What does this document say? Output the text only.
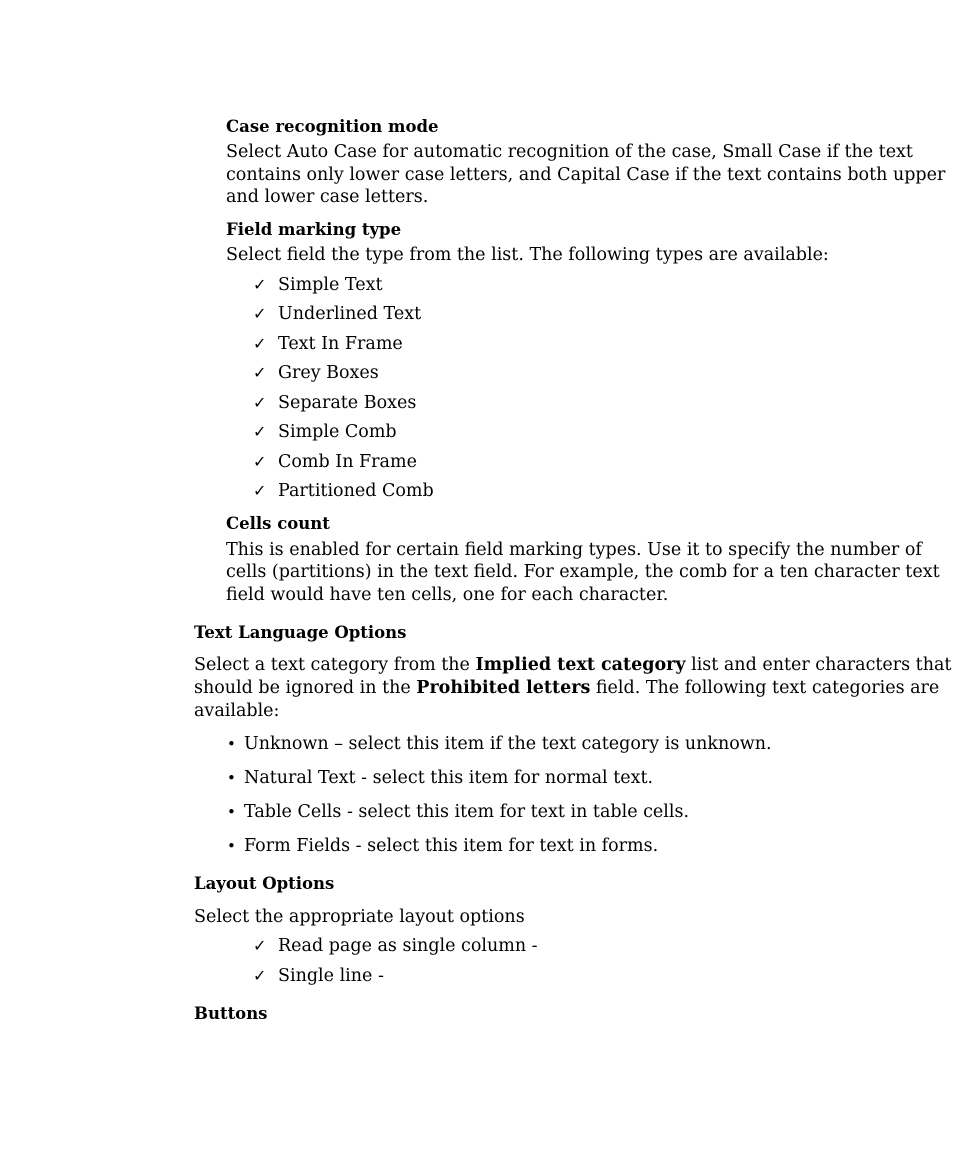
Case recognition mode
Select Auto Case for automatic recognition of the case, Small Case if the text
contains only lower case letters, and Capital Case if the text contains both upper
and lower case letters.
Field marking type
Select field the type from the list. The following types are available:
✓ Simple Text
✓ Underlined Text
✓ Text In Frame
✓ Grey Boxes
✓ Separate Boxes
✓ Simple Comb
✓ Comb In Frame
✓ Partitioned Comb
Cells count
This is enabled for certain field marking types. Use it to specify the number of
cells (partitions) in the text field. For example, the comb for a ten character text
field would have ten cells, one for each character.
Text Language Options
Select a text category from the Implied text category list and enter characters that
should be ignored in the Prohibited letters field. The following text categories are
available:
• Unknown – select this item if the text category is unknown.
• Natural Text - select this item for normal text.
• Table Cells - select this item for text in table cells.
• Form Fields - select this item for text in forms.
Layout Options
Select the appropriate layout options
✓ Read page as single column -
✓ Single line -
Buttons
